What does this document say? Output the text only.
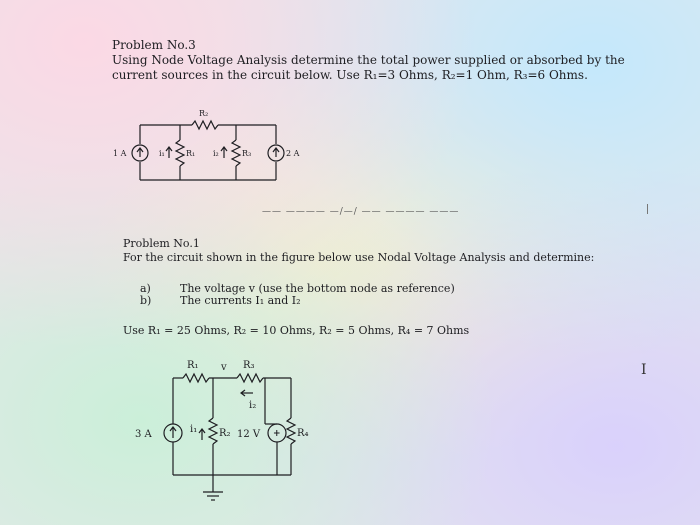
Problem No.3
Using Node Voltage Analysis determine the total power supplied or absorbed by the
current sources in the circuit below. Use R₁=3 Ohms, R₂=1 Ohm, R₃=6 Ohms.
1 A	2 A
i₁	i₂
R₁
R₂
R₃
—— ———— —/—/ —— ———— ———
Problem No.1
For the circuit shown in the figure below use Nodal Voltage Analysis and determine:
a)	The voltage v (use the bottom node as reference)
b)	The currents I₁ and I₂
Use R₁ = 25 Ohms, R₂ = 10 Ohms, R₂ = 5 Ohms, R₄ = 7 Ohms
+
3 A	12 V
i₁
i₂
v
R₁
R₂
R₃
R₄
I
